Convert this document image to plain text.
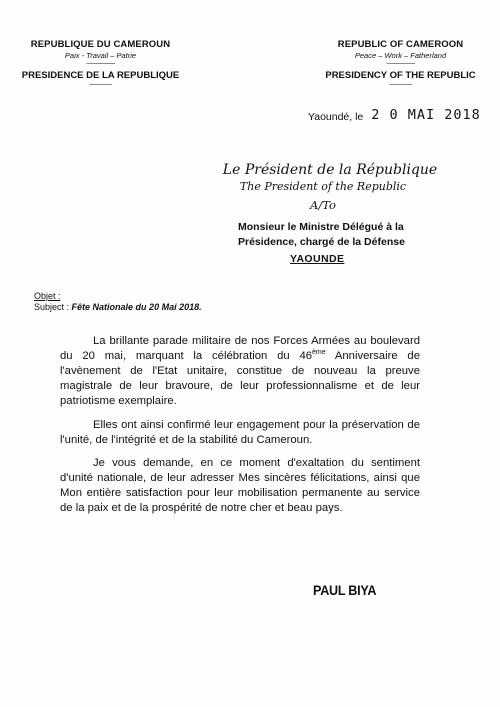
REPUBLIQUE DU CAMEROUN
Paix - Travail – Patrie
-------------------
PRESIDENCE DE LA REPUBLIQUE
---------------
REPUBLIC OF CAMEROON
Peace – Work – Fatherland
-------------------
PRESIDENCY OF THE REPUBLIC
---------------
Yaoundé, le 2 0 MAI 2018
Le Président de la République
The President of the Republic
A/To
Monsieur le Ministre Délégué à la
Présidence, chargé de la Défense
YAOUNDE
Objet :
Subject : Fête Nationale du 20 Mai 2018.
La brillante parade militaire de nos Forces Armées au boulevard du 20 mai, marquant la célébration du 46ème Anniversaire de l'avènement de l'Etat unitaire, constitue de nouveau la preuve magistrale de leur bravoure, de leur professionnalisme et de leur patriotisme exemplaire.
Elles ont ainsi confirmé leur engagement pour la préservation de l'unité, de l'intégrité et de la stabilité du Cameroun.
Je vous demande, en ce moment d'exaltation du sentiment d'unité nationale, de leur adresser Mes sincères félicitations, ainsi que Mon entière satisfaction pour leur mobilisation permanente au service de la paix et de la prospérité de notre cher et beau pays.
PAUL BIYA
